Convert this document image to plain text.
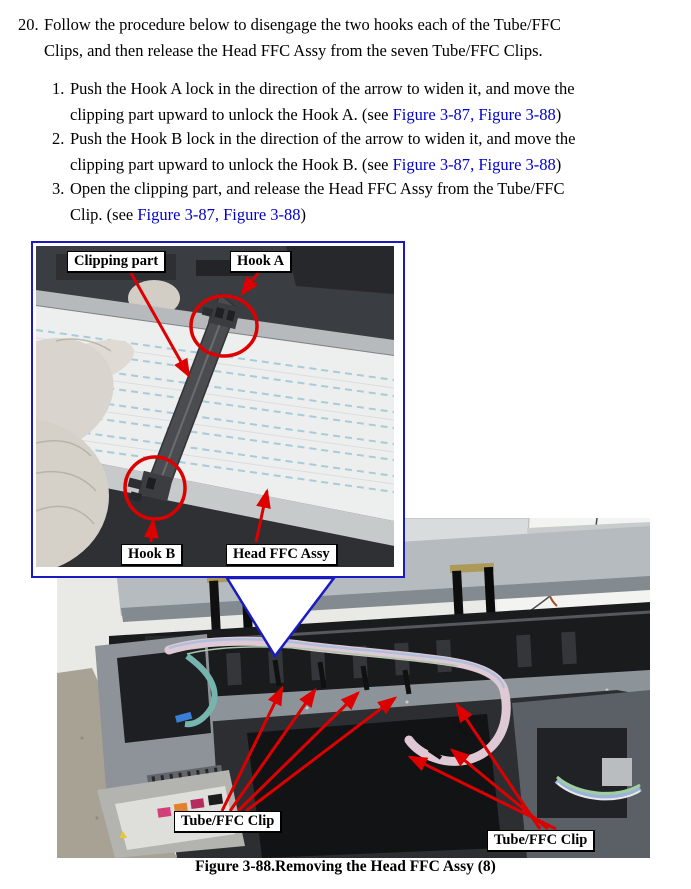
20. Follow the procedure below to disengage the two hooks each of the Tube/FFC
Clips, and then release the Head FFC Assy from the seven Tube/FFC Clips.
1. Push the Hook A lock in the direction of the arrow to widen it, and move the
clipping part upward to unlock the Hook A. (see Figure 3-87, Figure 3-88)
2. Push the Hook B lock in the direction of the arrow to widen it, and move the
clipping part upward to unlock the Hook B. (see Figure 3-87, Figure 3-88)
3. Open the clipping part, and release the Head FFC Assy from the Tube/FFC
Clip. (see Figure 3-87, Figure 3-88)
Clipping part	Hook A
Hook B	Head FFC Assy
Tube/FFC Clip
Tube/FFC Clip
Figure 3-88.Removing the Head FFC Assy (8)
